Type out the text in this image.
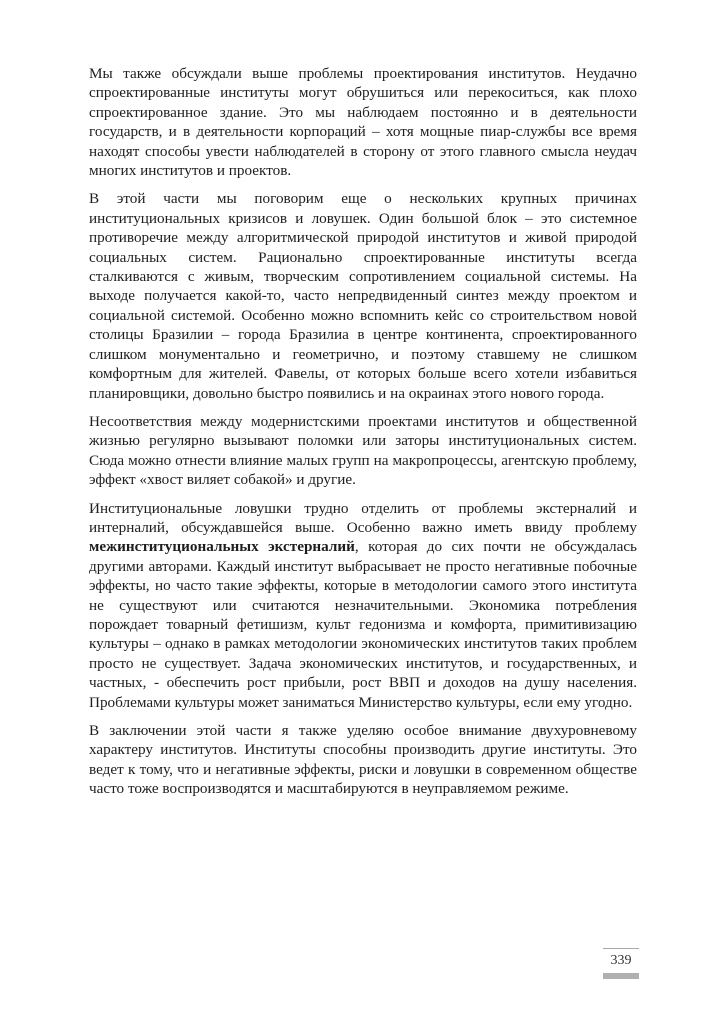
Мы также обсуждали выше проблемы проектирования институтов. Неудачно спроектированные институты могут обрушиться или перекоситься, как плохо спроектированное здание. Это мы наблюдаем постоянно и в деятельности государств, и в деятельности корпораций – хотя мощные пиар-службы все время находят способы увести наблюдателей в сторону от этого главного смысла неудач многих институтов и проектов.

В этой части мы поговорим еще о нескольких крупных причинах институциональных кризисов и ловушек. Один большой блок – это системное противоречие между алгоритмической природой институтов и живой природой социальных систем. Рационально спроектированные институты всегда сталкиваются с живым, творческим сопротивлением социальной системы. На выходе получается какой-то, часто непредвиденный синтез между проектом и социальной системой. Особенно можно вспомнить кейс со строительством новой столицы Бразилии – города Бразилиа в центре континента, спроектированного слишком монументально и геометрично, и поэтому ставшему не слишком комфортным для жителей. Фавелы, от которых больше всего хотели избавиться планировщики, довольно быстро появились и на окраинах этого нового города.

Несоответствия между модернистскими проектами институтов и общественной жизнью регулярно вызывают поломки или заторы институциональных систем. Сюда можно отнести влияние малых групп на макропроцессы, агентскую проблему, эффект «хвост виляет собакой» и другие.

Институциональные ловушки трудно отделить от проблемы экстерналий и интерналий, обсуждавшейся выше. Особенно важно иметь ввиду проблему межинституциональных экстерналий, которая до сих почти не обсуждалась другими авторами. Каждый институт выбрасывает не просто негативные побочные эффекты, но часто такие эффекты, которые в методологии самого этого института не существуют или считаются незначительными. Экономика потребления порождает товарный фетишизм, культ гедонизма и комфорта, примитивизацию культуры – однако в рамках методологии экономических институтов таких проблем просто не существует. Задача экономических институтов, и государственных, и частных, - обеспечить рост прибыли, рост ВВП и доходов на душу населения. Проблемами культуры может заниматься Министерство культуры, если ему угодно.

В заключении этой части я также уделяю особое внимание двухуровневому характеру институтов. Институты способны производить другие институты. Это ведет к тому, что и негативные эффекты, риски и ловушки в современном обществе часто тоже воспроизводятся и масштабируются в неуправляемом режиме.

339
